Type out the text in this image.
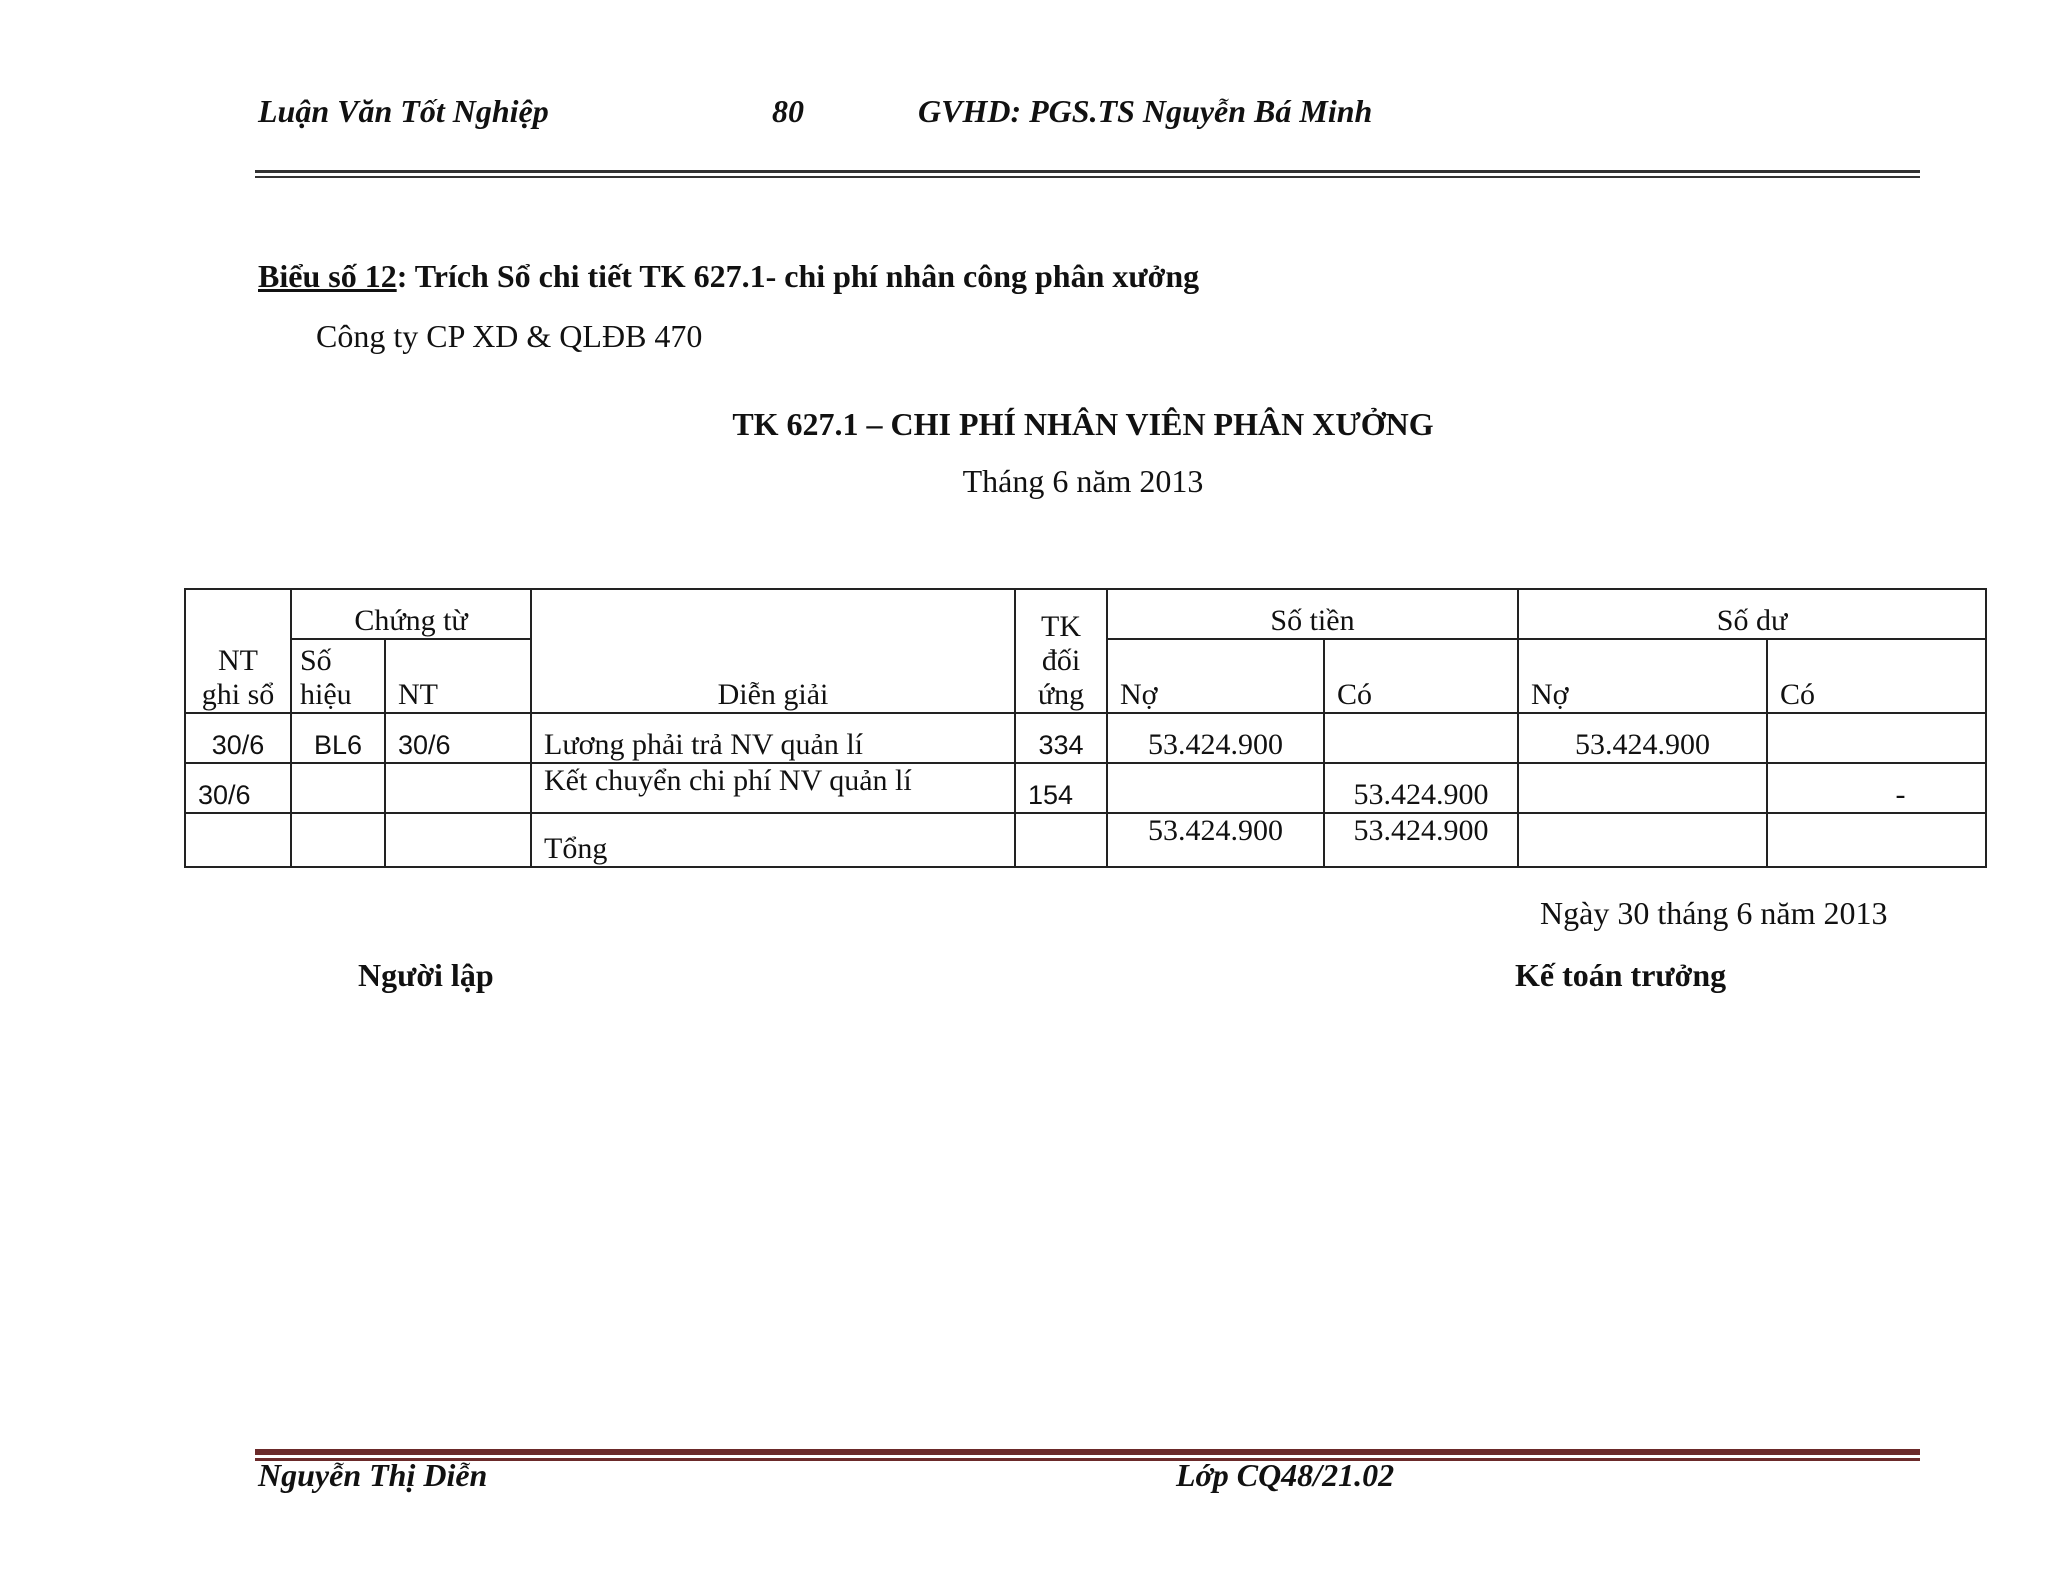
Luận Văn Tốt Nghiệp	80	GVHD: PGS.TS Nguyễn Bá Minh
Biểu số 12: Trích Sổ chi tiết TK 627.1- chi phí nhân công phân xưởng
Công ty CP XD & QLĐB 470
TK 627.1 – CHI PHÍ NHÂN VIÊN PHÂN XƯỞNG
Tháng 6 năm 2013
NT ghi sổ	Chứng từ		Diễn giải	TK đối ứng	Số tiền		Số dư	
	Số hiệu	NT			Nợ	Có	Nợ	Có
30/6	BL6	30/6	Lương phải trả NV quản lí	334	53.424.900		53.424.900	
30/6			Kết chuyển chi phí NV quản lí	154		53.424.900		-
			Tổng		53.424.900	53.424.900		
Ngày 30 tháng 6 năm 2013
Người lập	Kế toán trưởng
Nguyễn Thị Diễn	Lớp CQ48/21.02
